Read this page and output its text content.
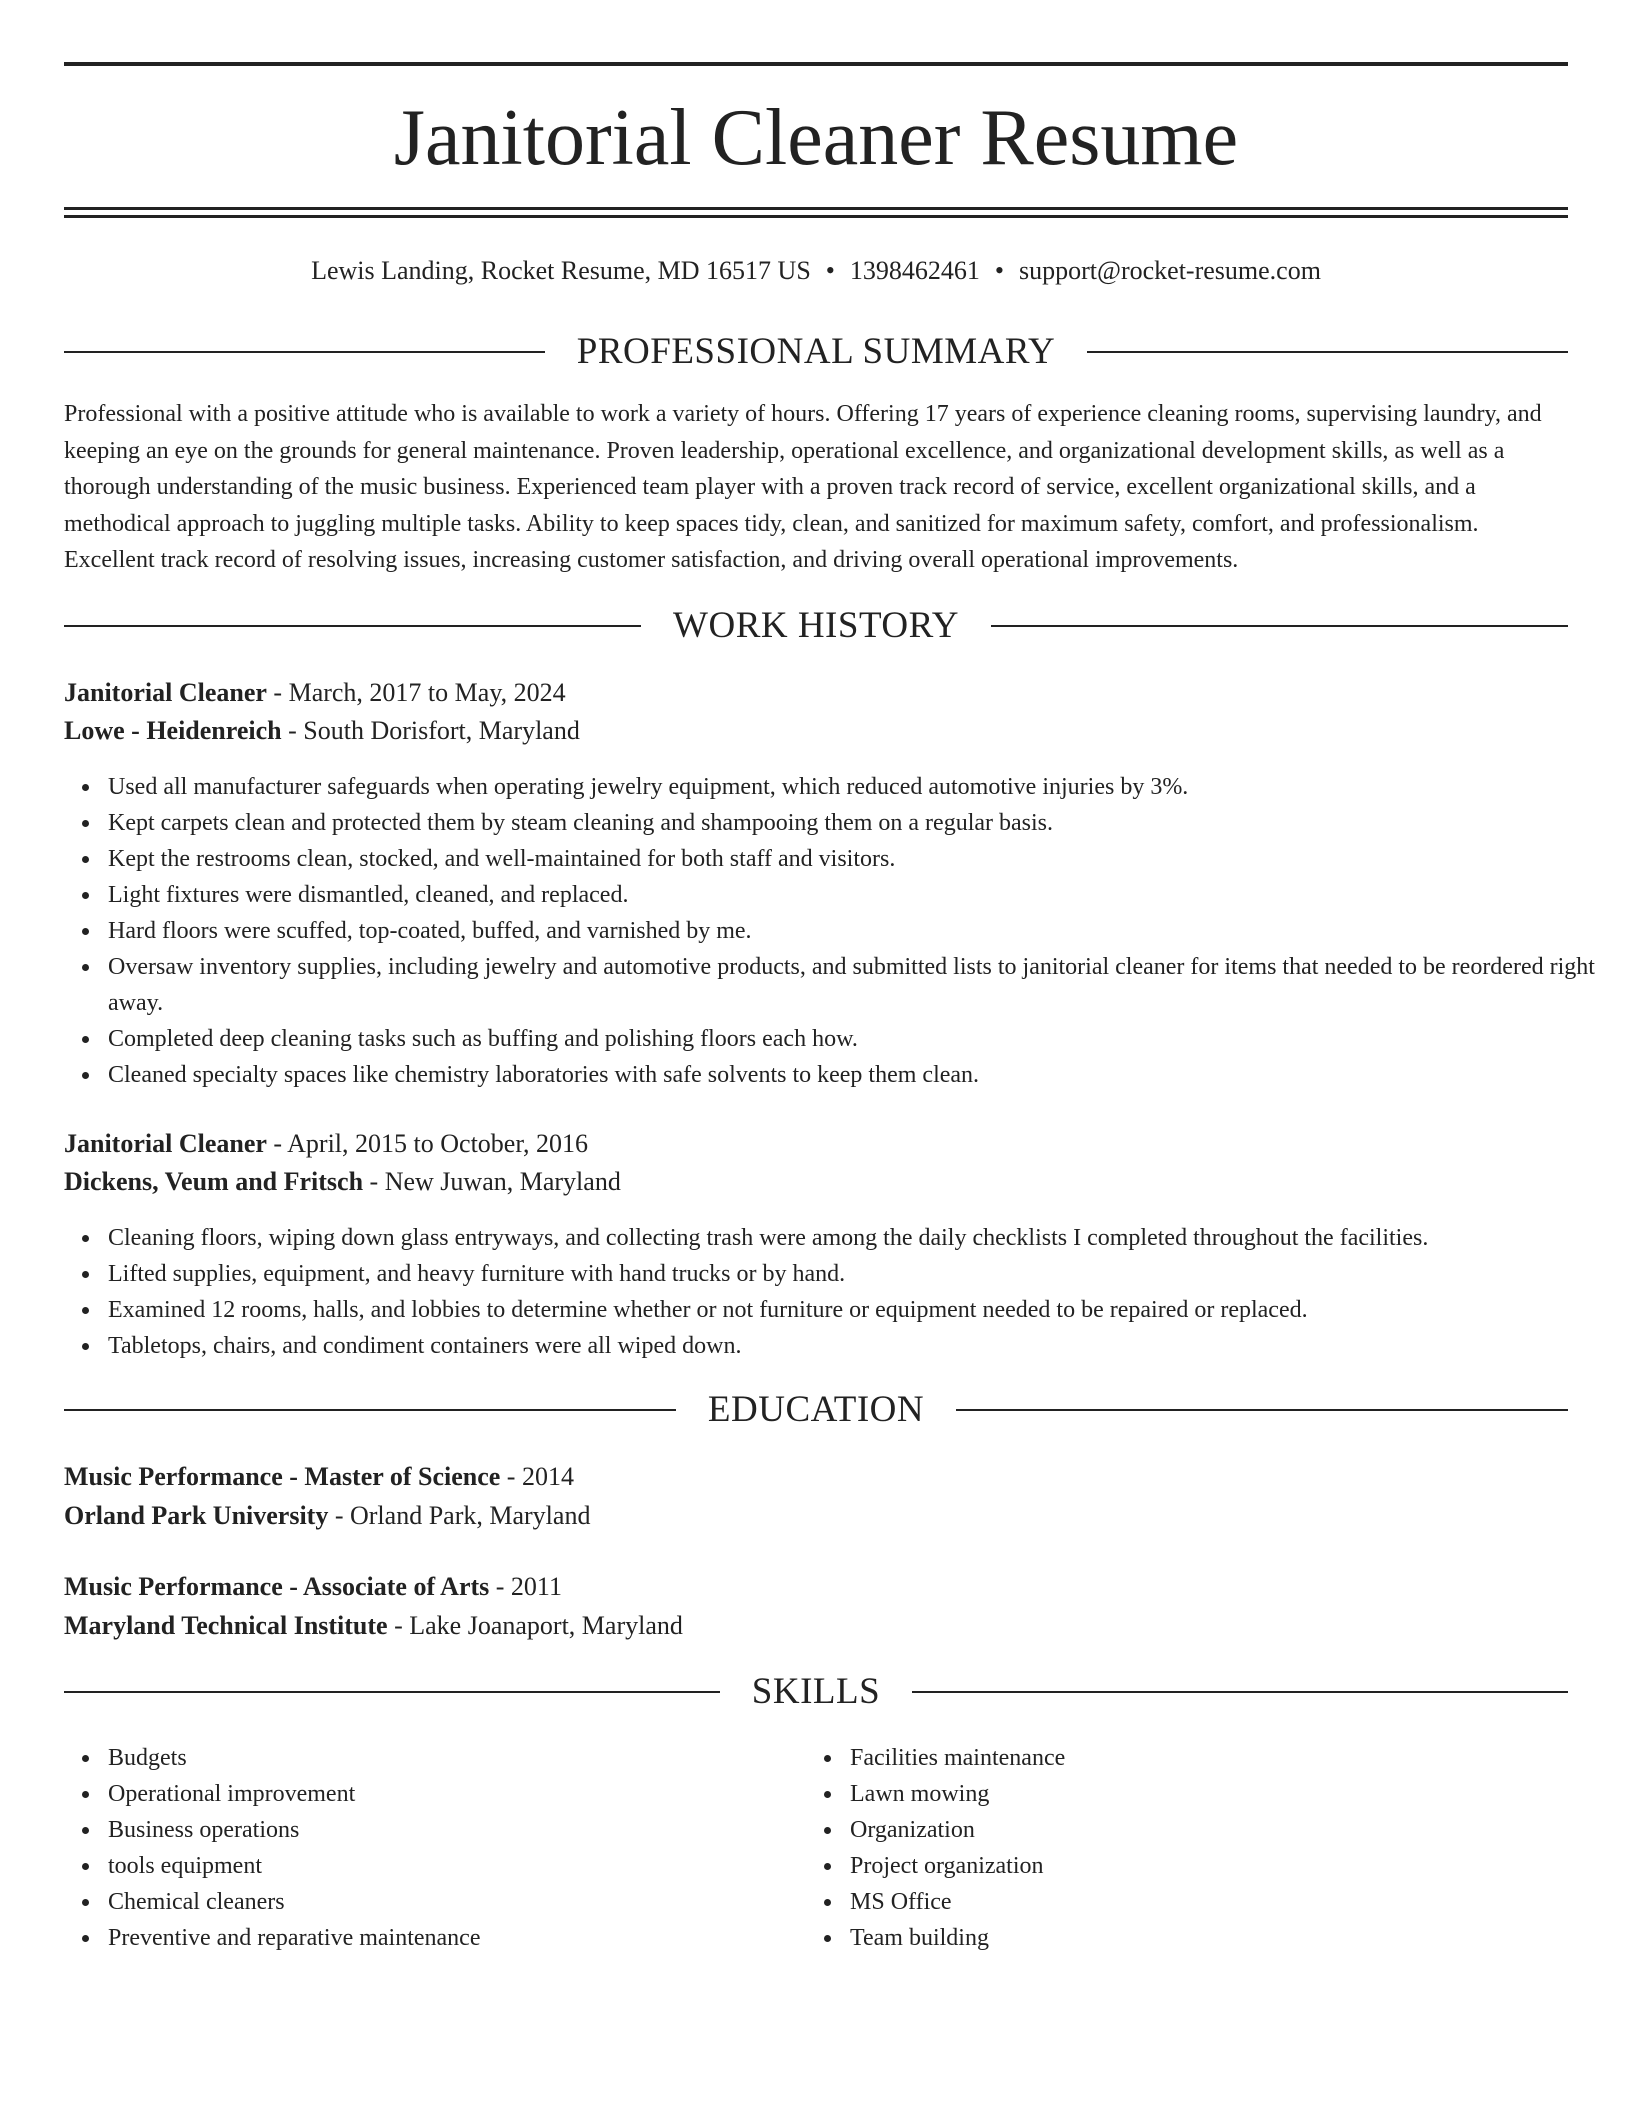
Janitorial Cleaner Resume
Lewis Landing, Rocket Resume, MD 16517 US • 1398462461 • support@rocket-resume.com
PROFESSIONAL SUMMARY

Professional with a positive attitude who is available to work a variety of hours. Offering 17 years of experience cleaning rooms, supervising laundry, and keeping an eye on the grounds for general maintenance. Proven leadership, operational excellence, and organizational development skills, as well as a thorough understanding of the music business. Experienced team player with a proven track record of service, excellent organizational skills, and a methodical approach to juggling multiple tasks. Ability to keep spaces tidy, clean, and sanitized for maximum safety, comfort, and professionalism. Excellent track record of resolving issues, increasing customer satisfaction, and driving overall operational improvements.

WORK HISTORY
Janitorial Cleaner - March, 2017 to May, 2024
Lowe - Heidenreich - South Dorisfort, Maryland
Used all manufacturer safeguards when operating jewelry equipment, which reduced automotive injuries by 3%.
Kept carpets clean and protected them by steam cleaning and shampooing them on a regular basis.
Kept the restrooms clean, stocked, and well-maintained for both staff and visitors.
Light fixtures were dismantled, cleaned, and replaced.
Hard floors were scuffed, top-coated, buffed, and varnished by me.
Oversaw inventory supplies, including jewelry and automotive products, and submitted lists to janitorial cleaner for items that needed to be reordered right away.
Completed deep cleaning tasks such as buffing and polishing floors each how.
Cleaned specialty spaces like chemistry laboratories with safe solvents to keep them clean.
Janitorial Cleaner - April, 2015 to October, 2016
Dickens, Veum and Fritsch - New Juwan, Maryland
Cleaning floors, wiping down glass entryways, and collecting trash were among the daily checklists I completed throughout the facilities.
Lifted supplies, equipment, and heavy furniture with hand trucks or by hand.
Examined 12 rooms, halls, and lobbies to determine whether or not furniture or equipment needed to be repaired or replaced.
Tabletops, chairs, and condiment containers were all wiped down.
EDUCATION
Music Performance - Master of Science - 2014
Orland Park University - Orland Park, Maryland
Music Performance - Associate of Arts - 2011
Maryland Technical Institute - Lake Joanaport, Maryland
SKILLS
Budgets
Operational improvement
Business operations
tools equipment
Chemical cleaners
Preventive and reparative maintenance
Facilities maintenance
Lawn mowing
Organization
Project organization
MS Office
Team building
